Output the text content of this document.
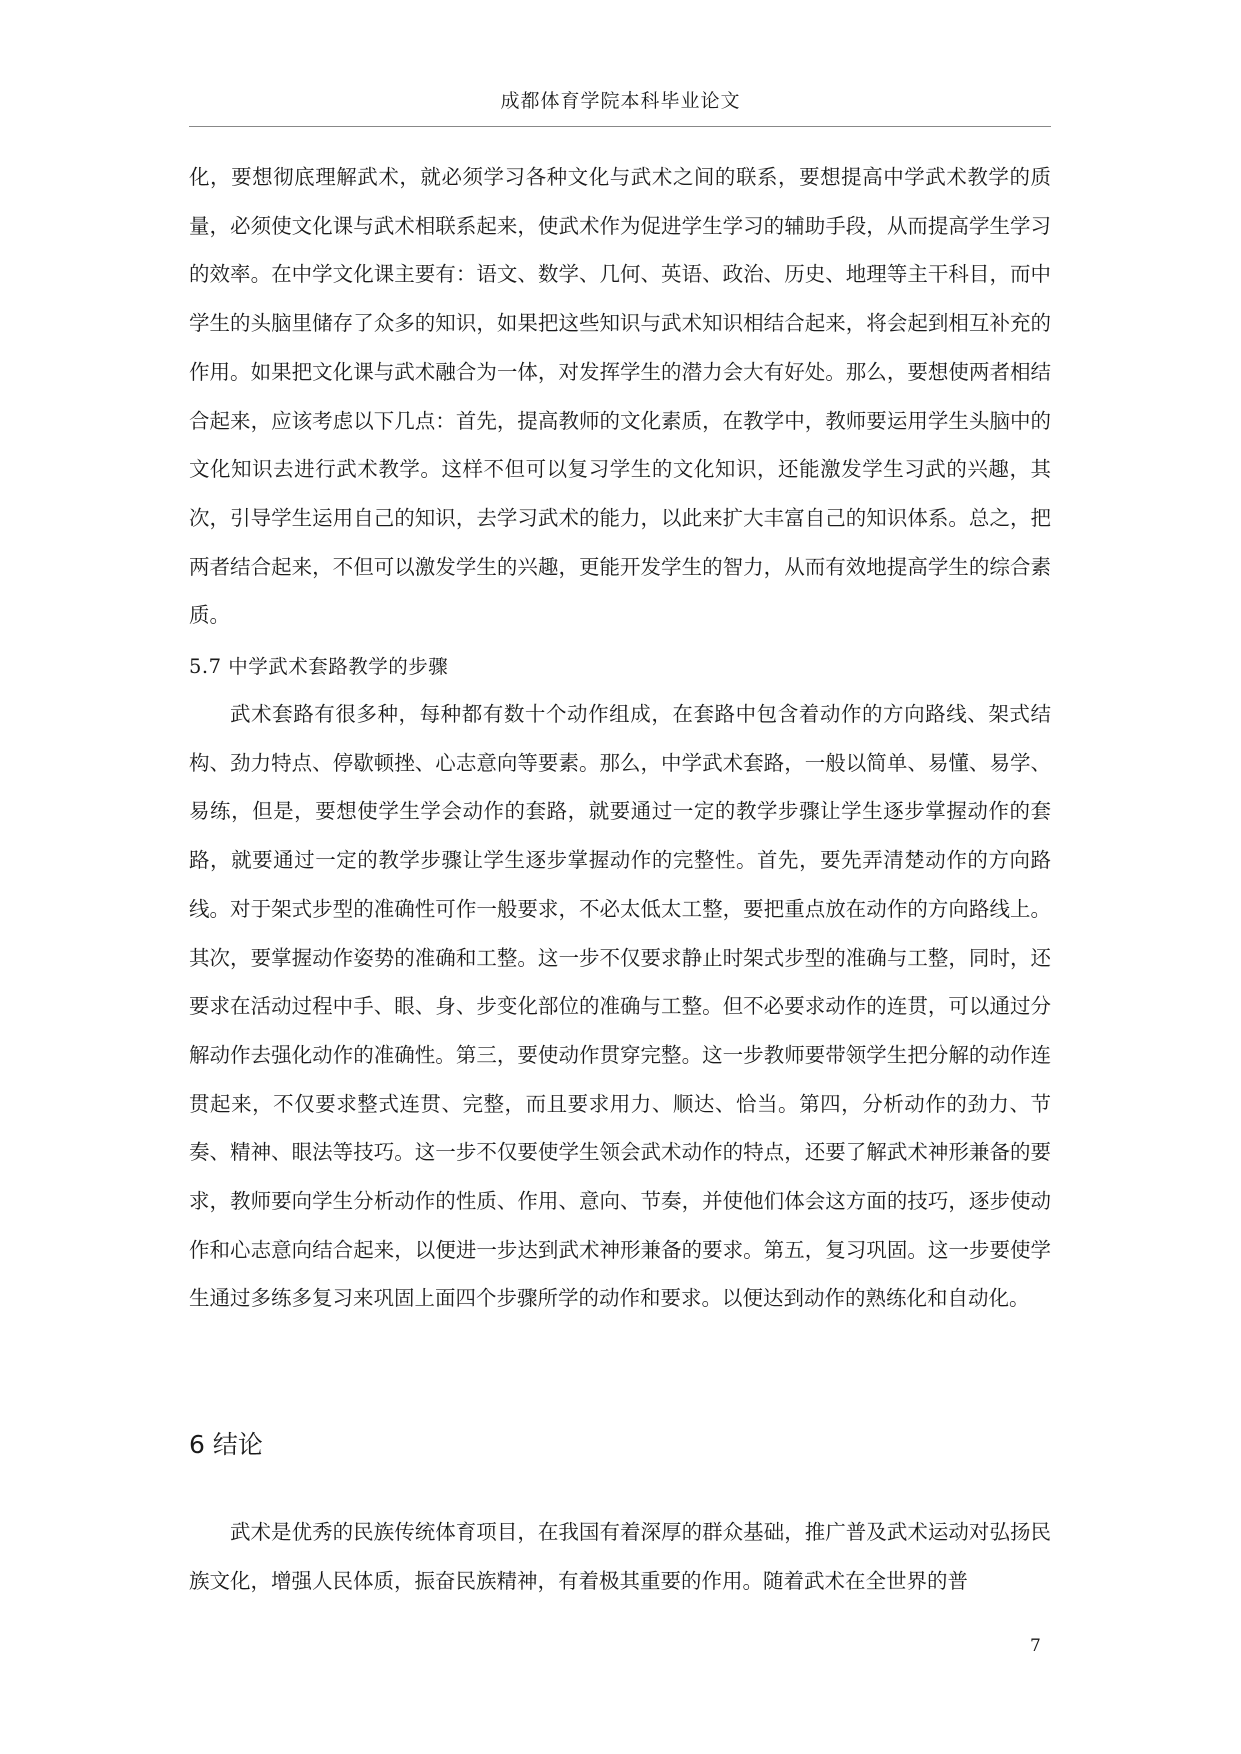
成都体育学院本科毕业论文

化，要想彻底理解武术，就必须学习各种文化与武术之间的联系，要想提高中学武术教学的质量，必须使文化课与武术相联系起来，使武术作为促进学生学习的辅助手段，从而提高学生学习的效率。在中学文化课主要有：语文、数学、几何、英语、政治、历史、地理等主干科目，而中学生的头脑里储存了众多的知识，如果把这些知识与武术知识相结合起来，将会起到相互补充的作用。如果把文化课与武术融合为一体，对发挥学生的潜力会大有好处。那么，要想使两者相结合起来，应该考虑以下几点：首先，提高教师的文化素质，在教学中，教师要运用学生头脑中的文化知识去进行武术教学。这样不但可以复习学生的文化知识，还能激发学生习武的兴趣，其次，引导学生运用自己的知识，去学习武术的能力，以此来扩大丰富自己的知识体系。总之，把两者结合起来，不但可以激发学生的兴趣，更能开发学生的智力，从而有效地提高学生的综合素质。

5.7 中学武术套路教学的步骤

武术套路有很多种，每种都有数十个动作组成，在套路中包含着动作的方向路线、架式结构、劲力特点、停歇顿挫、心志意向等要素。那么，中学武术套路，一般以简单、易懂、易学、易练，但是，要想使学生学会动作的套路，就要通过一定的教学步骤让学生逐步掌握动作的套路，就要通过一定的教学步骤让学生逐步掌握动作的完整性。首先，要先弄清楚动作的方向路线。对于架式步型的准确性可作一般要求，不必太低太工整，要把重点放在动作的方向路线上。其次，要掌握动作姿势的准确和工整。这一步不仅要求静止时架式步型的准确与工整，同时，还要求在活动过程中手、眼、身、步变化部位的准确与工整。但不必要求动作的连贯，可以通过分解动作去强化动作的准确性。第三，要使动作贯穿完整。这一步教师要带领学生把分解的动作连贯起来，不仅要求整式连贯、完整，而且要求用力、顺达、恰当。第四，分析动作的劲力、节奏、精神、眼法等技巧。这一步不仅要使学生领会武术动作的特点，还要了解武术神形兼备的要求，教师要向学生分析动作的性质、作用、意向、节奏，并使他们体会这方面的技巧，逐步使动作和心志意向结合起来，以便进一步达到武术神形兼备的要求。第五，复习巩固。这一步要使学生通过多练多复习来巩固上面四个步骤所学的动作和要求。以便达到动作的熟练化和自动化。

6 结论

武术是优秀的民族传统体育项目，在我国有着深厚的群众基础，推广普及武术运动对弘扬民族文化，增强人民体质，振奋民族精神，有着极其重要的作用。随着武术在全世界的普

7
